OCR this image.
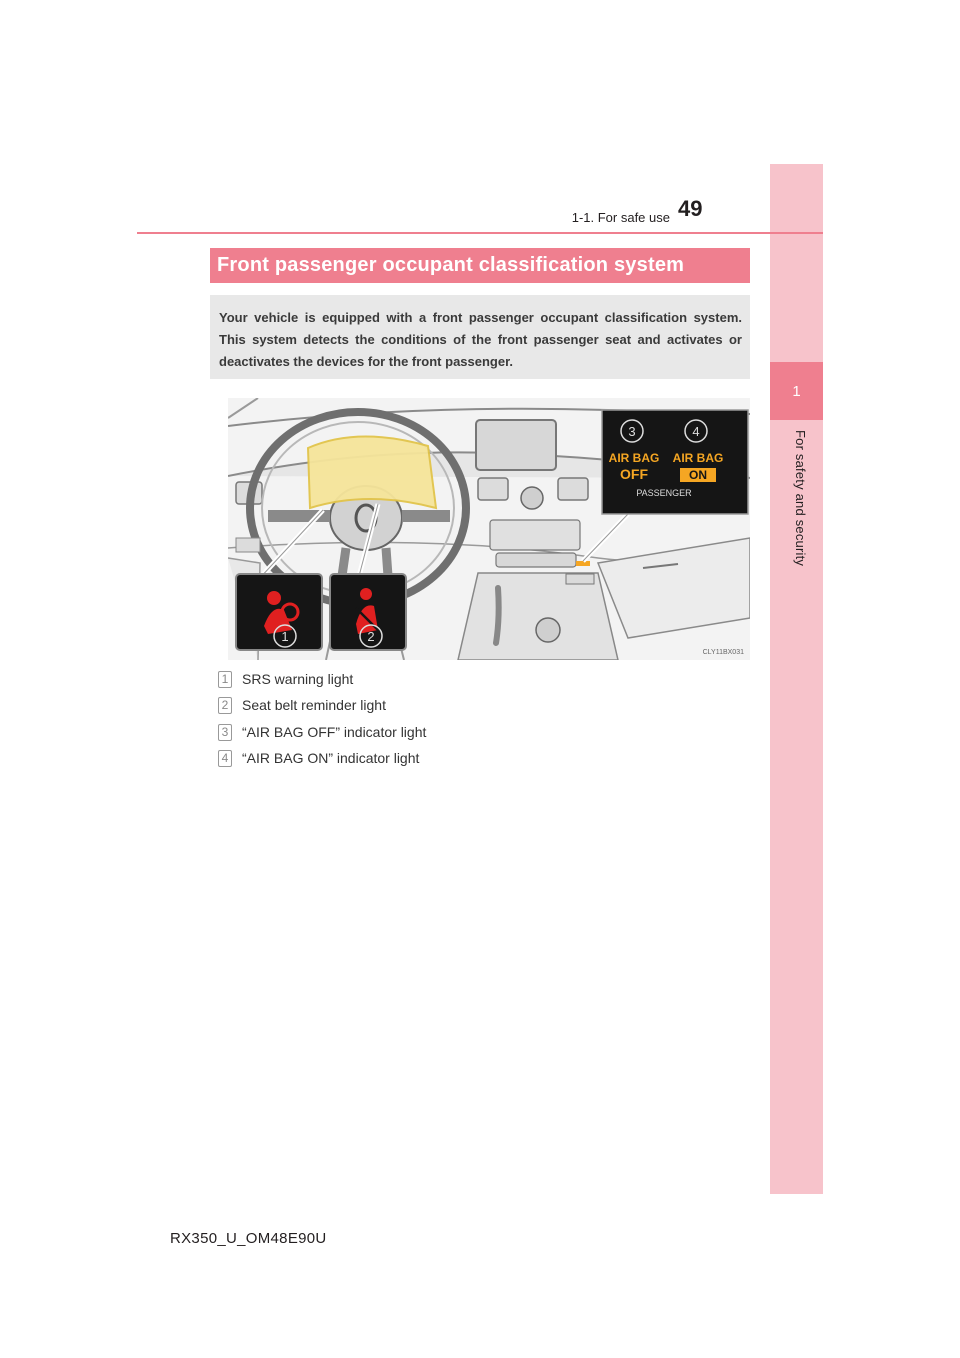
1
For safety and security
1-1. For safe use 49
Front passenger occupant classification system
Your vehicle is equipped with a front passenger occupant classification system. This system detects the conditions of the front passenger seat and activates or deactivates the devices for the front passenger.
1	2
3	4
AIR BAG
OFF
AIR BAG
ON
PASSENGER
CLY11BX031
1 SRS warning light
2 Seat belt reminder light
3 “AIR BAG OFF” indicator light
4 “AIR BAG ON” indicator light
RX350_U_OM48E90U
